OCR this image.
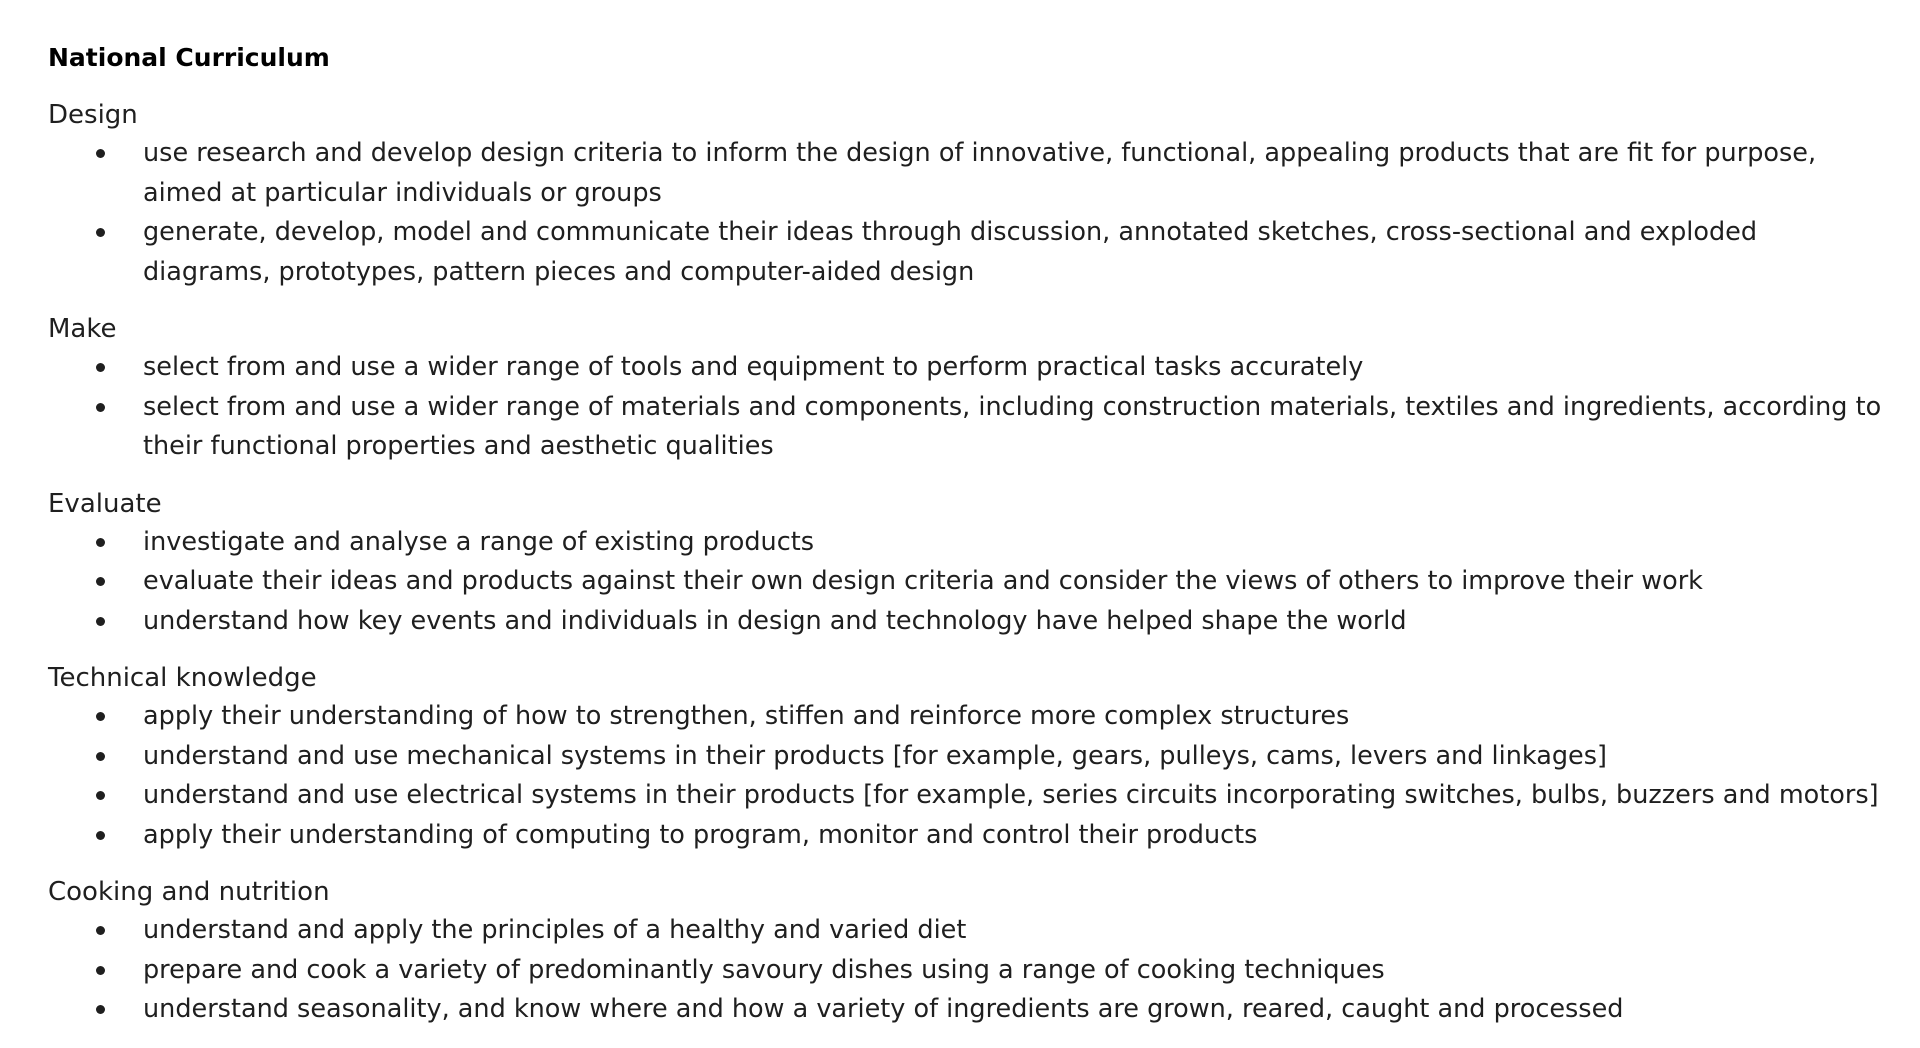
National Curriculum
Design
use research and develop design criteria to inform the design of innovative, functional, appealing products that are fit for purpose, aimed at particular individuals or groups
generate, develop, model and communicate their ideas through discussion, annotated sketches, cross-sectional and exploded diagrams, prototypes, pattern pieces and computer-aided design
Make
select from and use a wider range of tools and equipment to perform practical tasks accurately
select from and use a wider range of materials and components, including construction materials, textiles and ingredients, according to their functional properties and aesthetic qualities
Evaluate
investigate and analyse a range of existing products
evaluate their ideas and products against their own design criteria and consider the views of others to improve their work
understand how key events and individuals in design and technology have helped shape the world
Technical knowledge
apply their understanding of how to strengthen, stiffen and reinforce more complex structures
understand and use mechanical systems in their products [for example, gears, pulleys, cams, levers and linkages]
understand and use electrical systems in their products [for example, series circuits incorporating switches, bulbs, buzzers and motors]
apply their understanding of computing to program, monitor and control their products
Cooking and nutrition
understand and apply the principles of a healthy and varied diet
prepare and cook a variety of predominantly savoury dishes using a range of cooking techniques
understand seasonality, and know where and how a variety of ingredients are grown, reared, caught and processed
